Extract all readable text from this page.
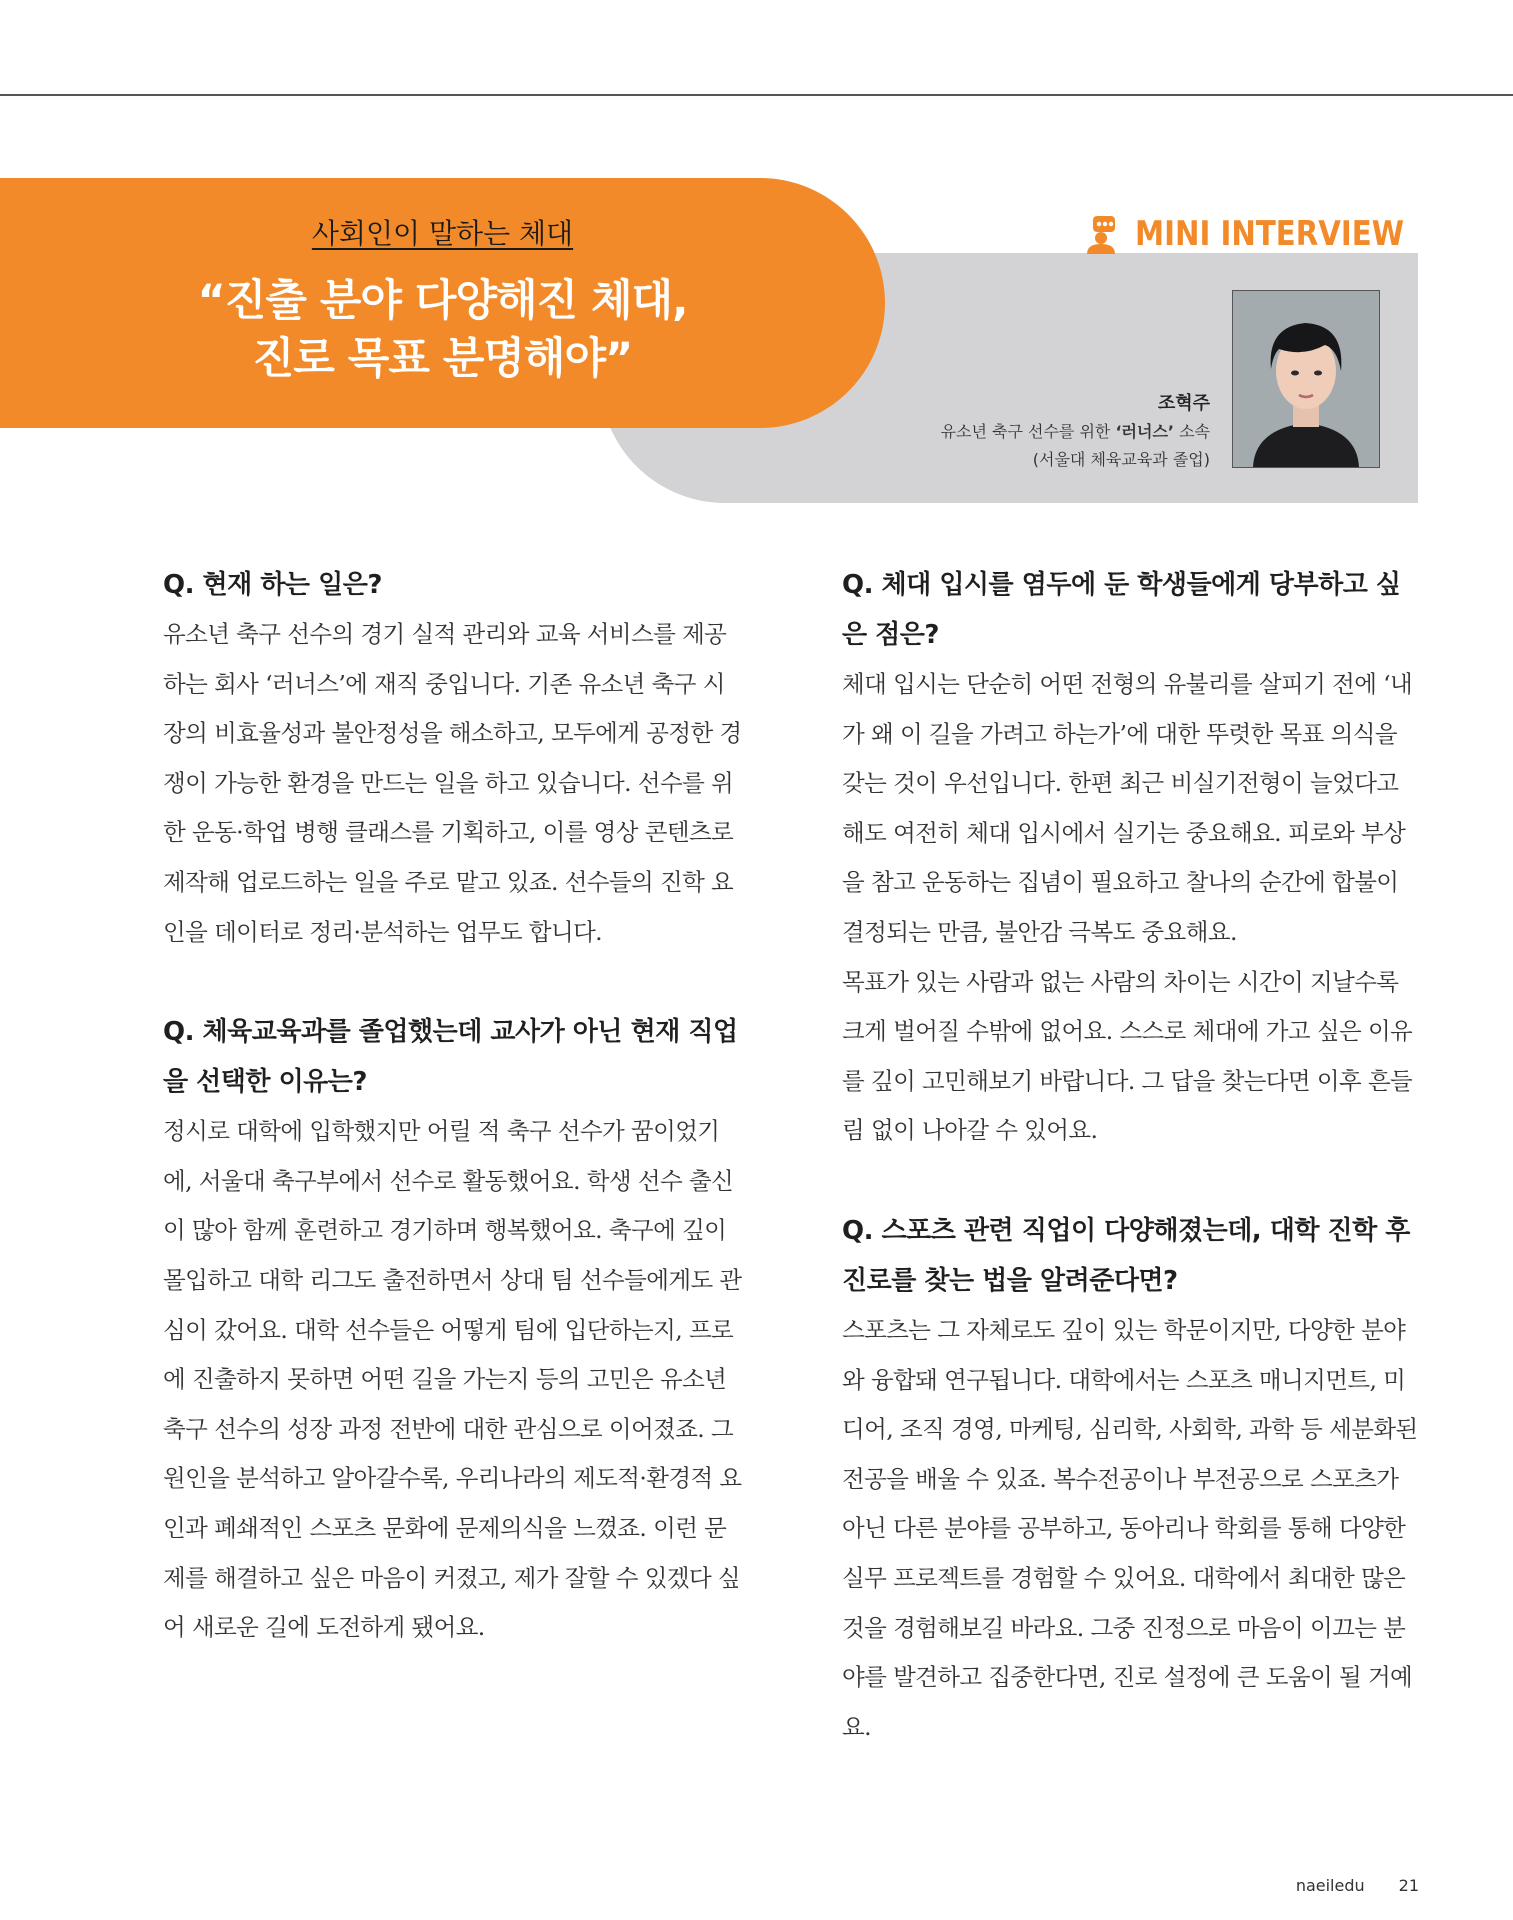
사회인이 말하는 체대
“진출 분야 다양해진 체대,
진로 목표 분명해야”
MINI INTERVIEW
조혁주
유소년 축구 선수를 위한 ‘러너스’ 소속
(서울대 체육교육과 졸업)
Q. 현재 하는 일은?

유소년 축구 선수의 경기 실적 관리와 교육 서비스를 제공하는 회사 ‘러너스’에 재직 중입니다. 기존 유소년 축구 시장의 비효율성과 불안정성을 해소하고, 모두에게 공정한 경쟁이 가능한 환경을 만드는 일을 하고 있습니다. 선수를 위한 운동·학업 병행 클래스를 기획하고, 이를 영상 콘텐츠로 제작해 업로드하는 일을 주로 맡고 있죠. 선수들의 진학 요인을 데이터로 정리·분석하는 업무도 합니다.

Q. 체육교육과를 졸업했는데 교사가 아닌 현재 직업을 선택한 이유는?

정시로 대학에 입학했지만 어릴 적 축구 선수가 꿈이었기에, 서울대 축구부에서 선수로 활동했어요. 학생 선수 출신이 많아 함께 훈련하고 경기하며 행복했어요. 축구에 깊이 몰입하고 대학 리그도 출전하면서 상대 팀 선수들에게도 관심이 갔어요. 대학 선수들은 어떻게 팀에 입단하는지, 프로에 진출하지 못하면 어떤 길을 가는지 등의 고민은 유소년 축구 선수의 성장 과정 전반에 대한 관심으로 이어졌죠. 그 원인을 분석하고 알아갈수록, 우리나라의 제도적·환경적 요인과 폐쇄적인 스포츠 문화에 문제의식을 느꼈죠. 이런 문제를 해결하고 싶은 마음이 커졌고, 제가 잘할 수 있겠다 싶어 새로운 길에 도전하게 됐어요.

Q. 체대 입시를 염두에 둔 학생들에게 당부하고 싶은 점은?

체대 입시는 단순히 어떤 전형의 유불리를 살피기 전에 ‘내가 왜 이 길을 가려고 하는가’에 대한 뚜렷한 목표 의식을 갖는 것이 우선입니다. 한편 최근 비실기전형이 늘었다고 해도 여전히 체대 입시에서 실기는 중요해요. 피로와 부상을 참고 운동하는 집념이 필요하고 찰나의 순간에 합불이 결정되는 만큼, 불안감 극복도 중요해요.

목표가 있는 사람과 없는 사람의 차이는 시간이 지날수록 크게 벌어질 수밖에 없어요. 스스로 체대에 가고 싶은 이유를 깊이 고민해보기 바랍니다. 그 답을 찾는다면 이후 흔들림 없이 나아갈 수 있어요.

Q. 스포츠 관련 직업이 다양해졌는데, 대학 진학 후 진로를 찾는 법을 알려준다면?

스포츠는 그 자체로도 깊이 있는 학문이지만, 다양한 분야와 융합돼 연구됩니다. 대학에서는 스포츠 매니지먼트, 미디어, 조직 경영, 마케팅, 심리학, 사회학, 과학 등 세분화된 전공을 배울 수 있죠. 복수전공이나 부전공으로 스포츠가 아닌 다른 분야를 공부하고, 동아리나 학회를 통해 다양한 실무 프로젝트를 경험할 수 있어요. 대학에서 최대한 많은 것을 경험해보길 바라요. 그중 진정으로 마음이 이끄는 분야를 발견하고 집중한다면, 진로 설정에 큰 도움이 될 거예요.

naeiledu 21
